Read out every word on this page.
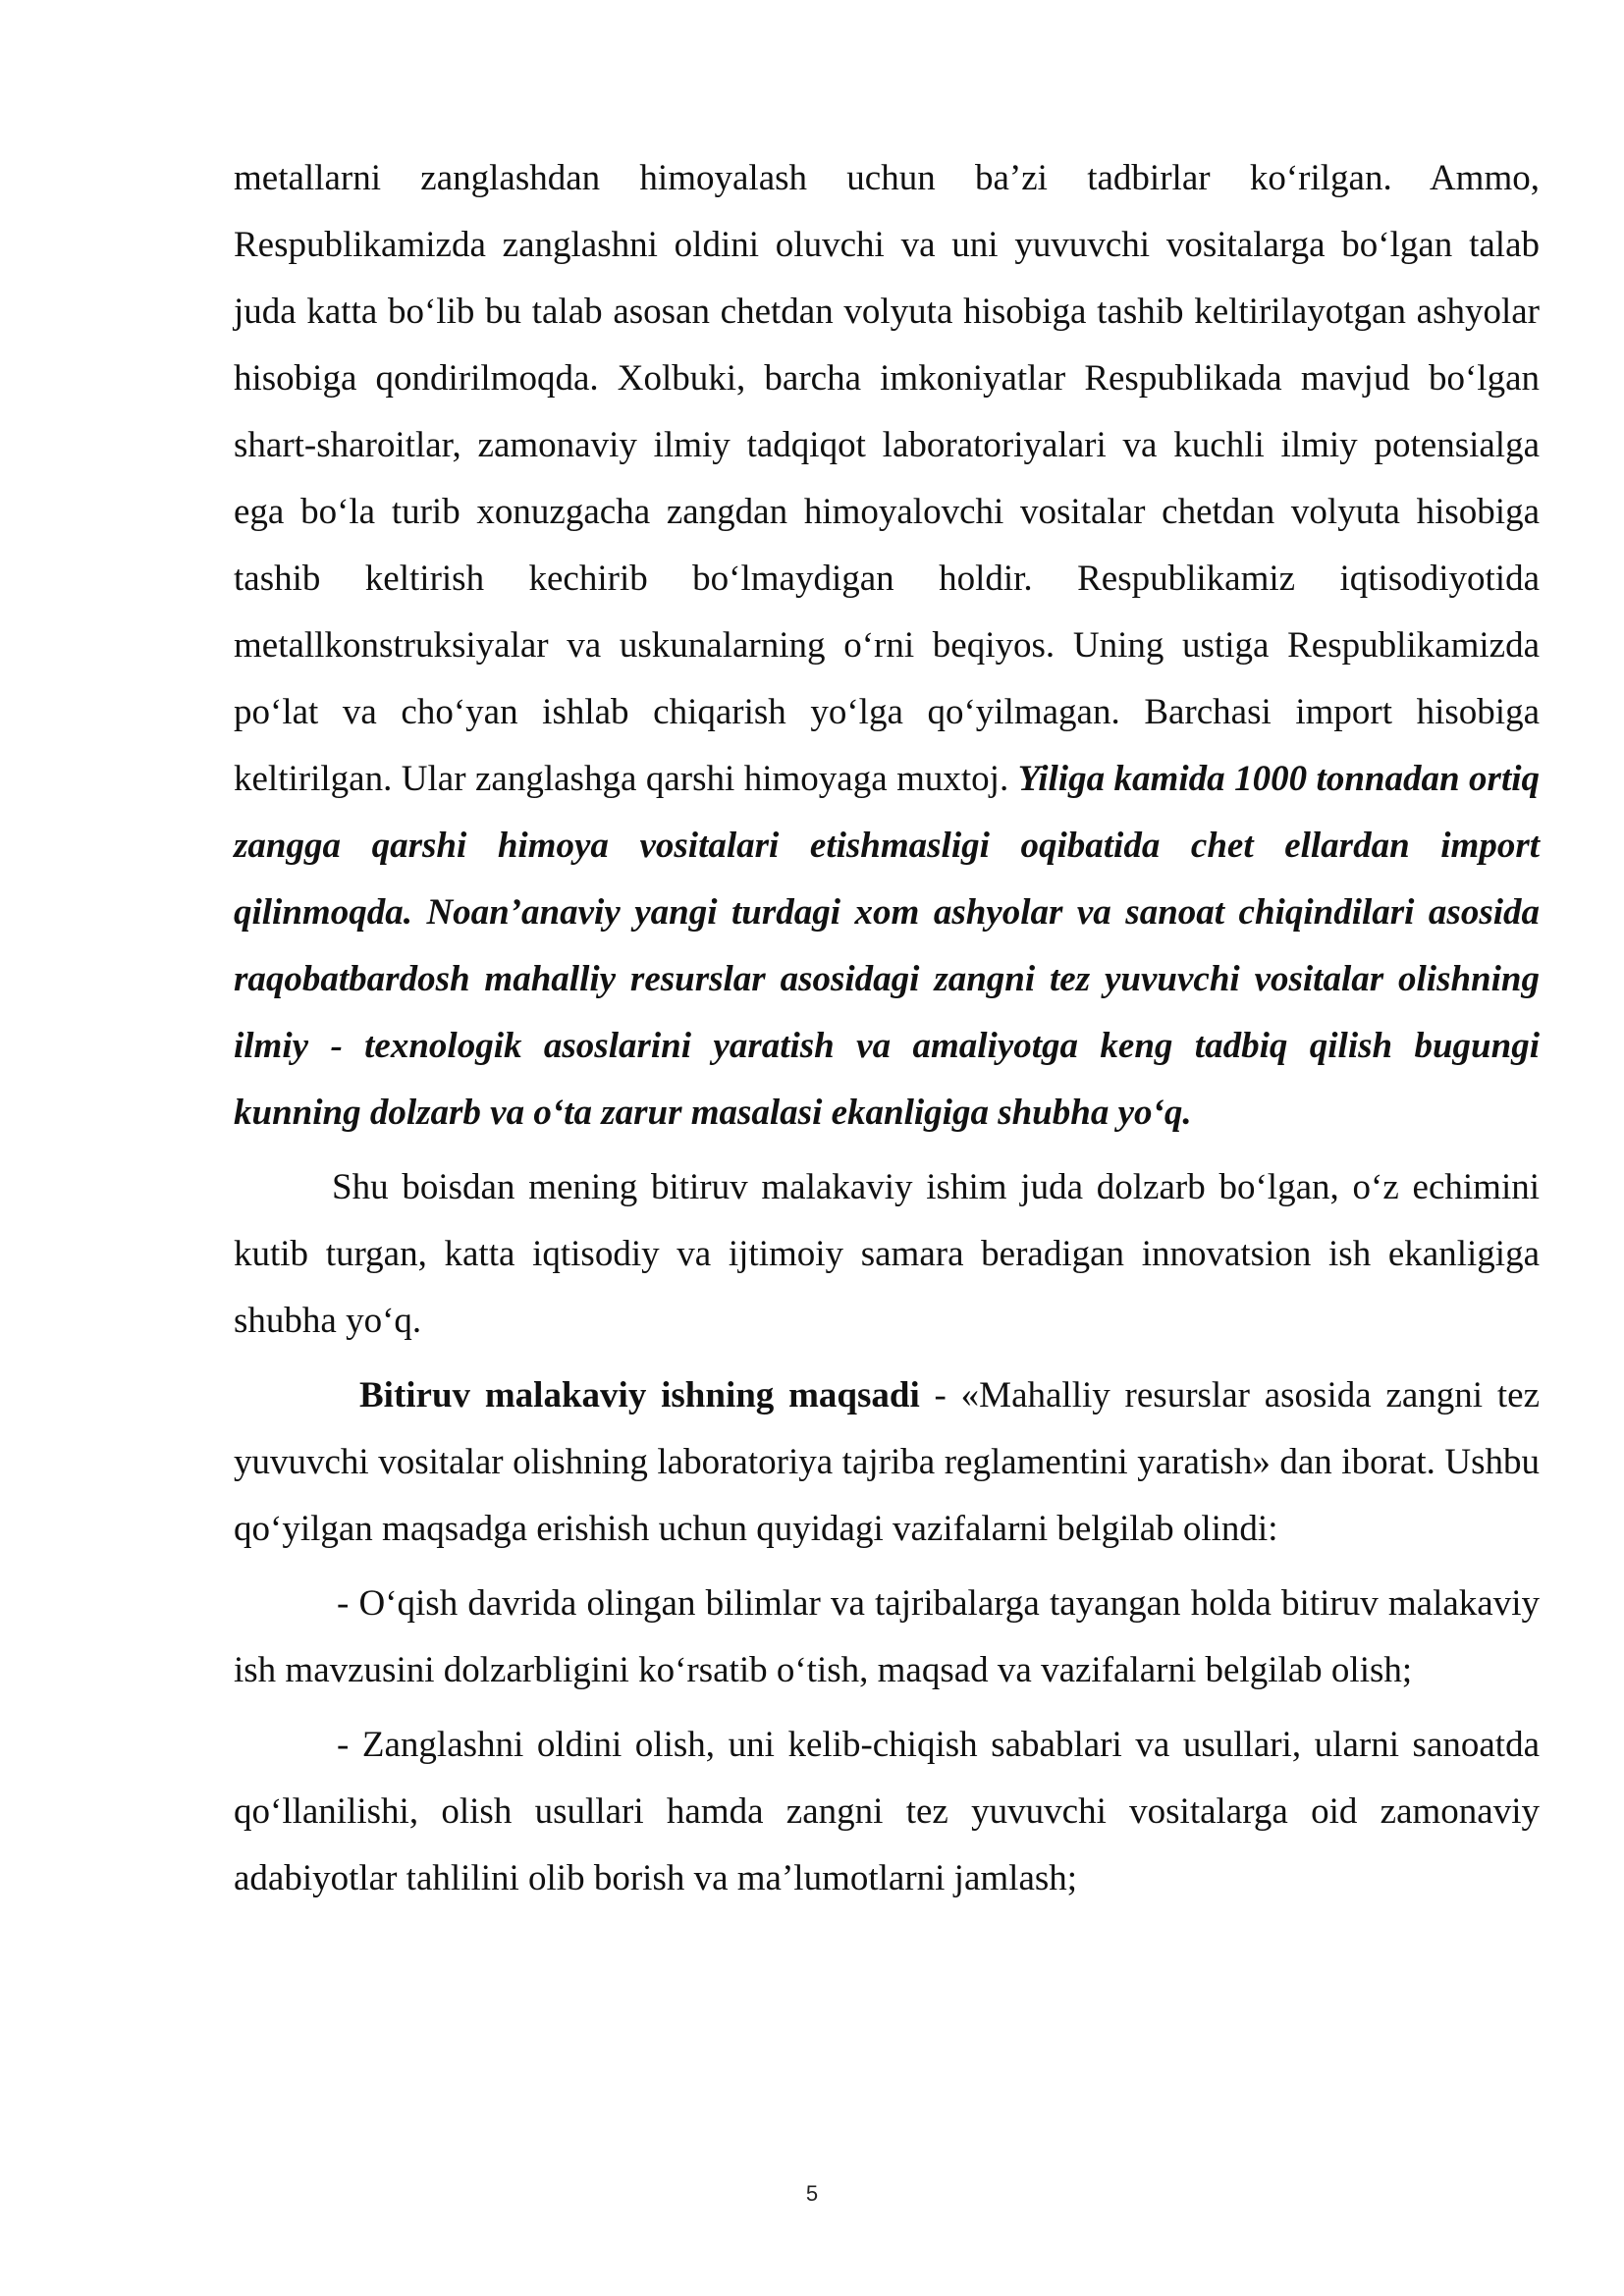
metallarni zanglashdan himoyalash uchun ba’zi tadbirlar ko‘rilgan. Ammo, Respublikamizda zanglashni oldini oluvchi va uni yuvuvchi vositalarga bo‘lgan talab juda katta bo‘lib bu talab asosan chetdan volyuta hisobiga tashib keltirilayotgan ashyolar hisobiga qondirilmoqda. Xolbuki, barcha imkoniyatlar Respublikada mavjud bo‘lgan shart-sharoitlar, zamonaviy ilmiy tadqiqot laboratoriyalari va kuchli ilmiy potensialga ega bo‘la turib xonuzgacha zangdan himoyalovchi vositalar chetdan volyuta hisobiga tashib keltirish kechirib bo‘lmaydigan holdir. Respublikamiz iqtisodiyotida metallkonstruksiyalar va uskunalarning o‘rni beqiyos. Uning ustiga Respublikamizda po‘lat va cho‘yan ishlab chiqarish yo‘lga qo‘yilmagan. Barchasi import hisobiga keltirilgan. Ular zanglashga qarshi himoyaga muxtoj. Yiliga kamida 1000 tonnadan ortiq zangga qarshi himoya vositalari etishmasligi oqibatida chet ellardan import qilinmoqda. Noan’anaviy yangi turdagi xom ashyolar va sanoat chiqindilari asosida raqobatbardosh mahalliy resurslar asosidagi zangni tez yuvuvchi vositalar olishning ilmiy - texnologik asoslarini yaratish va amaliyotga keng tadbiq qilish bugungi kunning dolzarb va o‘ta zarur masalasi ekanligiga shubha yo‘q.

Shu boisdan mening bitiruv malakaviy ishim juda dolzarb bo‘lgan, o‘z echimini kutib turgan, katta iqtisodiy va ijtimoiy samara beradigan innovatsion ish ekanligiga shubha yo‘q.

Bitiruv malakaviy ishning maqsadi - «Mahalliy resurslar asosida zangni tez yuvuvchi vositalar olishning laboratoriya tajriba reglamentini yaratish» dan iborat. Ushbu qo‘yilgan maqsadga erishish uchun quyidagi vazifalarni belgilab olindi:

- O‘qish davrida olingan bilimlar va tajribalarga tayangan holda bitiruv malakaviy ish mavzusini dolzarbligini ko‘rsatib o‘tish, maqsad va vazifalarni belgilab olish;

- Zanglashni oldini olish, uni kelib-chiqish sabablari va usullari, ularni sanoatda qo‘llanilishi, olish usullari hamda zangni tez yuvuvchi vositalarga oid zamonaviy adabiyotlar tahlilini olib borish va ma’lumotlarni jamlash;

5
